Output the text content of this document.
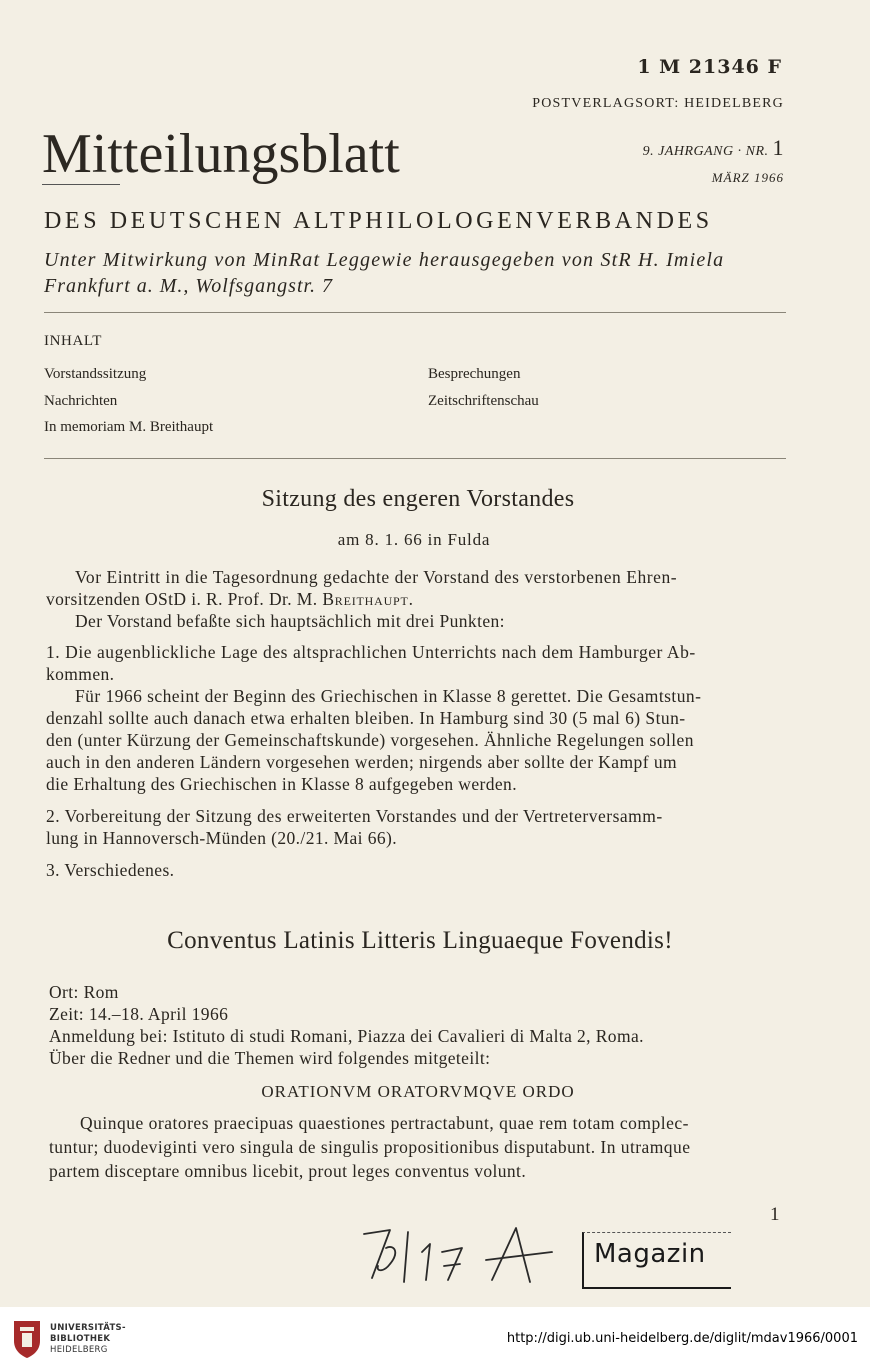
1 M 21346 F
POSTVERLAGSORT: HEIDELBERG
Mitteilungsblatt	9. JAHRGANG · NR. 1
MÄRZ 1966
DES DEUTSCHEN ALTPHILOLOGENVERBANDES
Unter Mitwirkung von MinRat Leggewie herausgegeben von StR H. Imiela
Frankfurt a. M., Wolfsgangstr. 7
INHALT
Vorstandssitzung
Nachrichten
In memoriam M. Breithaupt
Besprechungen
Zeitschriftenschau
Sitzung des engeren Vorstandes
am 8. 1. 66 in Fulda
Vor Eintritt in die Tagesordnung gedachte der Vorstand des verstorbenen Ehren-
vorsitzenden OStD i. R. Prof. Dr. M. Breithaupt.
Der Vorstand befaßte sich hauptsächlich mit drei Punkten:
1. Die augenblickliche Lage des altsprachlichen Unterrichts nach dem Hamburger Ab-
kommen.
Für 1966 scheint der Beginn des Griechischen in Klasse 8 gerettet. Die Gesamtstun-
denzahl sollte auch danach etwa erhalten bleiben. In Hamburg sind 30 (5 mal 6) Stun-
den (unter Kürzung der Gemeinschaftskunde) vorgesehen. Ähnliche Regelungen sollen
auch in den anderen Ländern vorgesehen werden; nirgends aber sollte der Kampf um
die Erhaltung des Griechischen in Klasse 8 aufgegeben werden.
2. Vorbereitung der Sitzung des erweiterten Vorstandes und der Vertreterversamm-
lung in Hannoversch-Münden (20./21. Mai 66).
3. Verschiedenes.
Conventus Latinis Litteris Linguaeque Fovendis!
Ort: Rom
Zeit: 14.–18. April 1966
Anmeldung bei: Istituto di studi Romani, Piazza dei Cavalieri di Malta 2, Roma.
Über die Redner und die Themen wird folgendes mitgeteilt:
ORATIONVM ORATORVMQVE ORDO
Quinque oratores praecipuas quaestiones pertractabunt, quae rem totam complec-
tuntur; duodeviginti vero singula de singulis propositionibus disputabunt. In utramque
partem disceptare omnibus licebit, prout leges conventus volunt.
1
Magazin
UNIVERSITÄTS-
BIBLIOTHEK
HEIDELBERG
http://digi.ub.uni-heidelberg.de/diglit/mdav1966/0001
